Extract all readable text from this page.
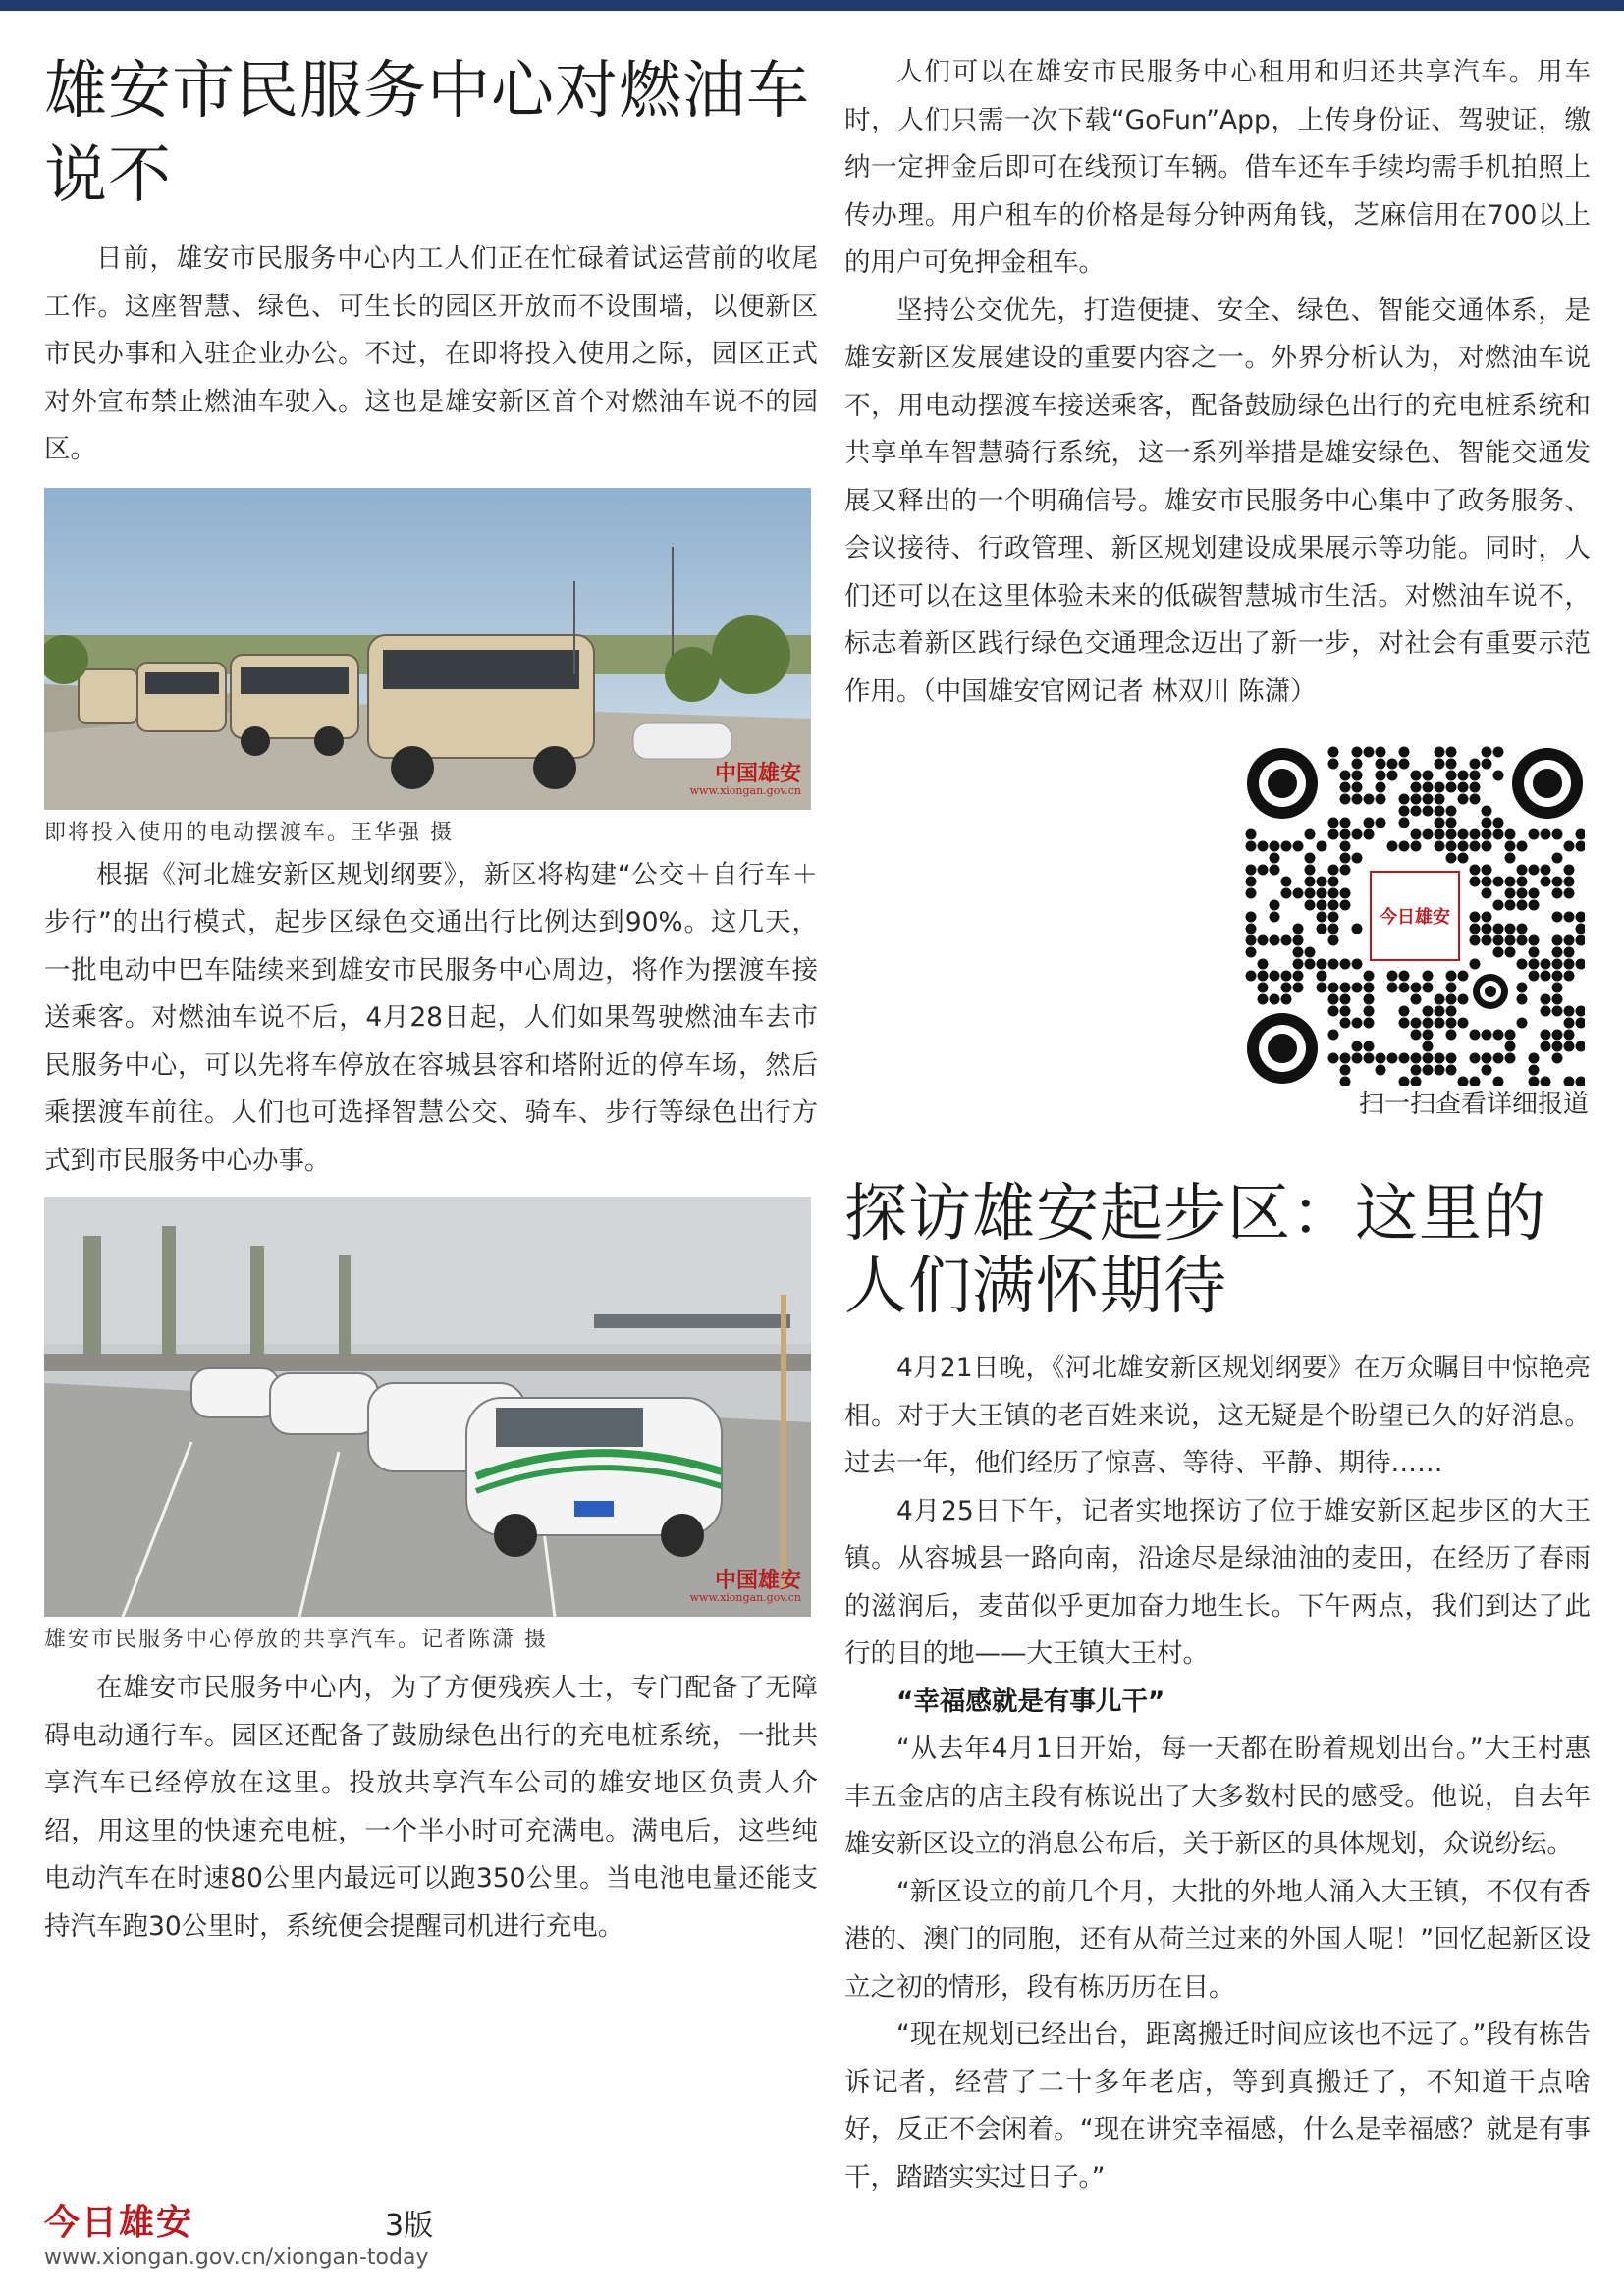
雄安市民服务中心对燃油车说不

日前，雄安市民服务中心内工人们正在忙碌着试运营前的收尾工作。这座智慧、绿色、可生长的园区开放而不设围墙，以便新区市民办事和入驻企业办公。不过，在即将投入使用之际，园区正式对外宣布禁止燃油车驶入。这也是雄安新区首个对燃油车说不的园区。

中国雄安
www.xiongan.gov.cn
即将投入使用的电动摆渡车。王华强 摄

根据《河北雄安新区规划纲要》，新区将构建“公交＋自行车＋步行”的出行模式，起步区绿色交通出行比例达到90%。这几天，一批电动中巴车陆续来到雄安市民服务中心周边，将作为摆渡车接送乘客。对燃油车说不后，4月28日起，人们如果驾驶燃油车去市民服务中心，可以先将车停放在容城县容和塔附近的停车场，然后乘摆渡车前往。人们也可选择智慧公交、骑车、步行等绿色出行方式到市民服务中心办事。

中国雄安
www.xiongan.gov.cn
雄安市民服务中心停放的共享汽车。记者陈潇 摄

在雄安市民服务中心内，为了方便残疾人士，专门配备了无障碍电动通行车。园区还配备了鼓励绿色出行的充电桩系统，一批共享汽车已经停放在这里。投放共享汽车公司的雄安地区负责人介绍，用这里的快速充电桩，一个半小时可充满电。满电后，这些纯电动汽车在时速80公里内最远可以跑350公里。当电池电量还能支持汽车跑30公里时，系统便会提醒司机进行充电。

人们可以在雄安市民服务中心租用和归还共享汽车。用车时，人们只需一次下载“GoFun”App，上传身份证、驾驶证，缴纳一定押金后即可在线预订车辆。借车还车手续均需手机拍照上传办理。用户租车的价格是每分钟两角钱，芝麻信用在700以上的用户可免押金租车。

坚持公交优先，打造便捷、安全、绿色、智能交通体系，是雄安新区发展建设的重要内容之一。外界分析认为，对燃油车说不，用电动摆渡车接送乘客，配备鼓励绿色出行的充电桩系统和共享单车智慧骑行系统，这一系列举措是雄安绿色、智能交通发展又释出的一个明确信号。雄安市民服务中心集中了政务服务、会议接待、行政管理、新区规划建设成果展示等功能。同时，人们还可以在这里体验未来的低碳智慧城市生活。对燃油车说不，标志着新区践行绿色交通理念迈出了新一步，对社会有重要示范作用。（中国雄安官网记者 林双川 陈潇）

今日雄安
扫一扫查看详细报道
探访雄安起步区：这里的人们满怀期待

4月21日晚，《河北雄安新区规划纲要》在万众瞩目中惊艳亮相。对于大王镇的老百姓来说，这无疑是个盼望已久的好消息。过去一年，他们经历了惊喜、等待、平静、期待……

4月25日下午，记者实地探访了位于雄安新区起步区的大王镇。从容城县一路向南，沿途尽是绿油油的麦田，在经历了春雨的滋润后，麦苗似乎更加奋力地生长。下午两点，我们到达了此行的目的地——大王镇大王村。

“幸福感就是有事儿干”

“从去年4月1日开始，每一天都在盼着规划出台。”大王村惠丰五金店的店主段有栋说出了大多数村民的感受。他说，自去年雄安新区设立的消息公布后，关于新区的具体规划，众说纷纭。

“新区设立的前几个月，大批的外地人涌入大王镇，不仅有香港的、澳门的同胞，还有从荷兰过来的外国人呢！”回忆起新区设立之初的情形，段有栋历历在目。

“现在规划已经出台，距离搬迁时间应该也不远了。”段有栋告诉记者，经营了二十多年老店，等到真搬迁了，不知道干点啥好，反正不会闲着。“现在讲究幸福感，什么是幸福感？就是有事干，踏踏实实过日子。”

今日雄安	3版
www.xiongan.gov.cn/xiongan-today
